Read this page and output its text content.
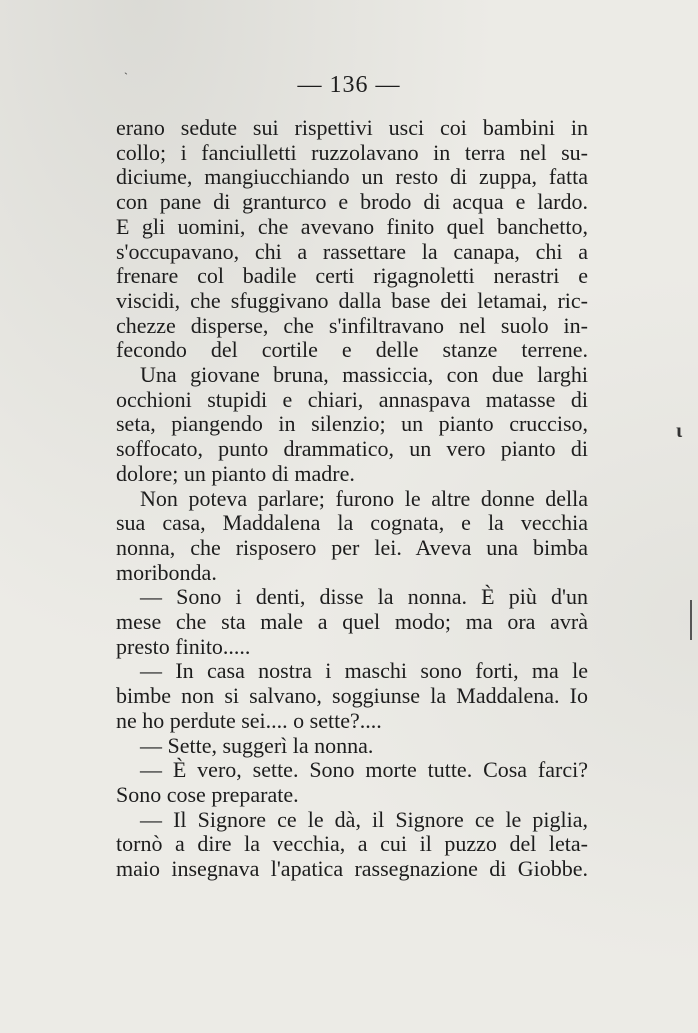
ˋ	— 136 —

erano sedute sui rispettivi usci coi bambini in
collo; i fanciulletti ruzzolavano in terra nel su-
diciume, mangiucchiando un resto di zuppa, fatta
con pane di granturco e brodo di acqua e lardo.
E gli uomini, che avevano finito quel banchetto,
s'occupavano, chi a rassettare la canapa, chi a
frenare col badile certi rigagnoletti nerastri e
viscidi, che sfuggivano dalla base dei letamai, ric-
chezze disperse, che s'infiltravano nel suolo in-
fecondo del cortile e delle stanze terrene.

Una giovane bruna, massiccia, con due larghi
occhioni stupidi e chiari, annaspava matasse di
seta, piangendo in silenzio; un pianto crucciso,
soffocato, punto drammatico, un vero pianto di
dolore; un pianto di madre.

Non poteva parlare; furono le altre donne della
sua casa, Maddalena la cognata, e la vecchia
nonna, che risposero per lei. Aveva una bimba
moribonda.

— Sono i denti, disse la nonna. È più d'un
mese che sta male a quel modo; ma ora avrà
presto finito.....

— In casa nostra i maschi sono forti, ma le
bimbe non si salvano, soggiunse la Maddalena. Io
ne ho perdute sei.... o sette?....

— Sette, suggerì la nonna.

— È vero, sette. Sono morte tutte. Cosa farci?
Sono cose preparate.

— Il Signore ce le dà, il Signore ce le piglia,
tornò a dire la vecchia, a cui il puzzo del leta-
maio insegnava l'apatica rassegnazione di Giobbe.

ɩ
